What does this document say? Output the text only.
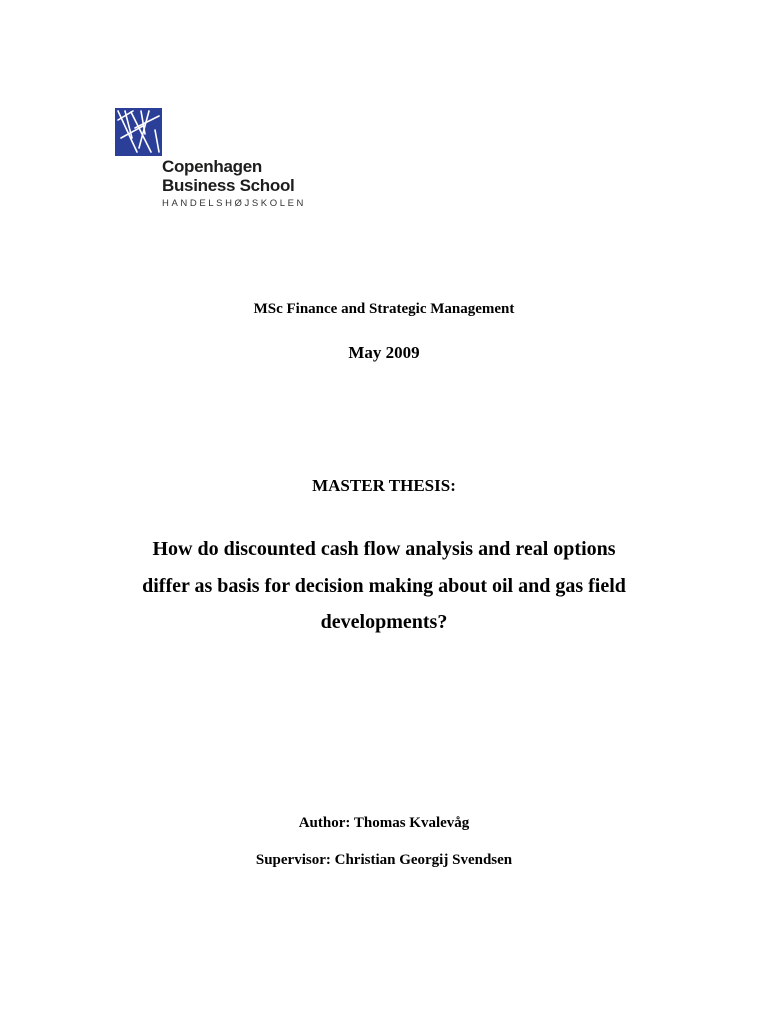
Copenhagen
Business School
HANDELSHØJSKOLEN
MSc Finance and Strategic Management
May 2009
MASTER THESIS:
How do discounted cash flow analysis and real options
differ as basis for decision making about oil and gas field
developments?
Author: Thomas Kvalevåg
Supervisor: Christian Georgij Svendsen
